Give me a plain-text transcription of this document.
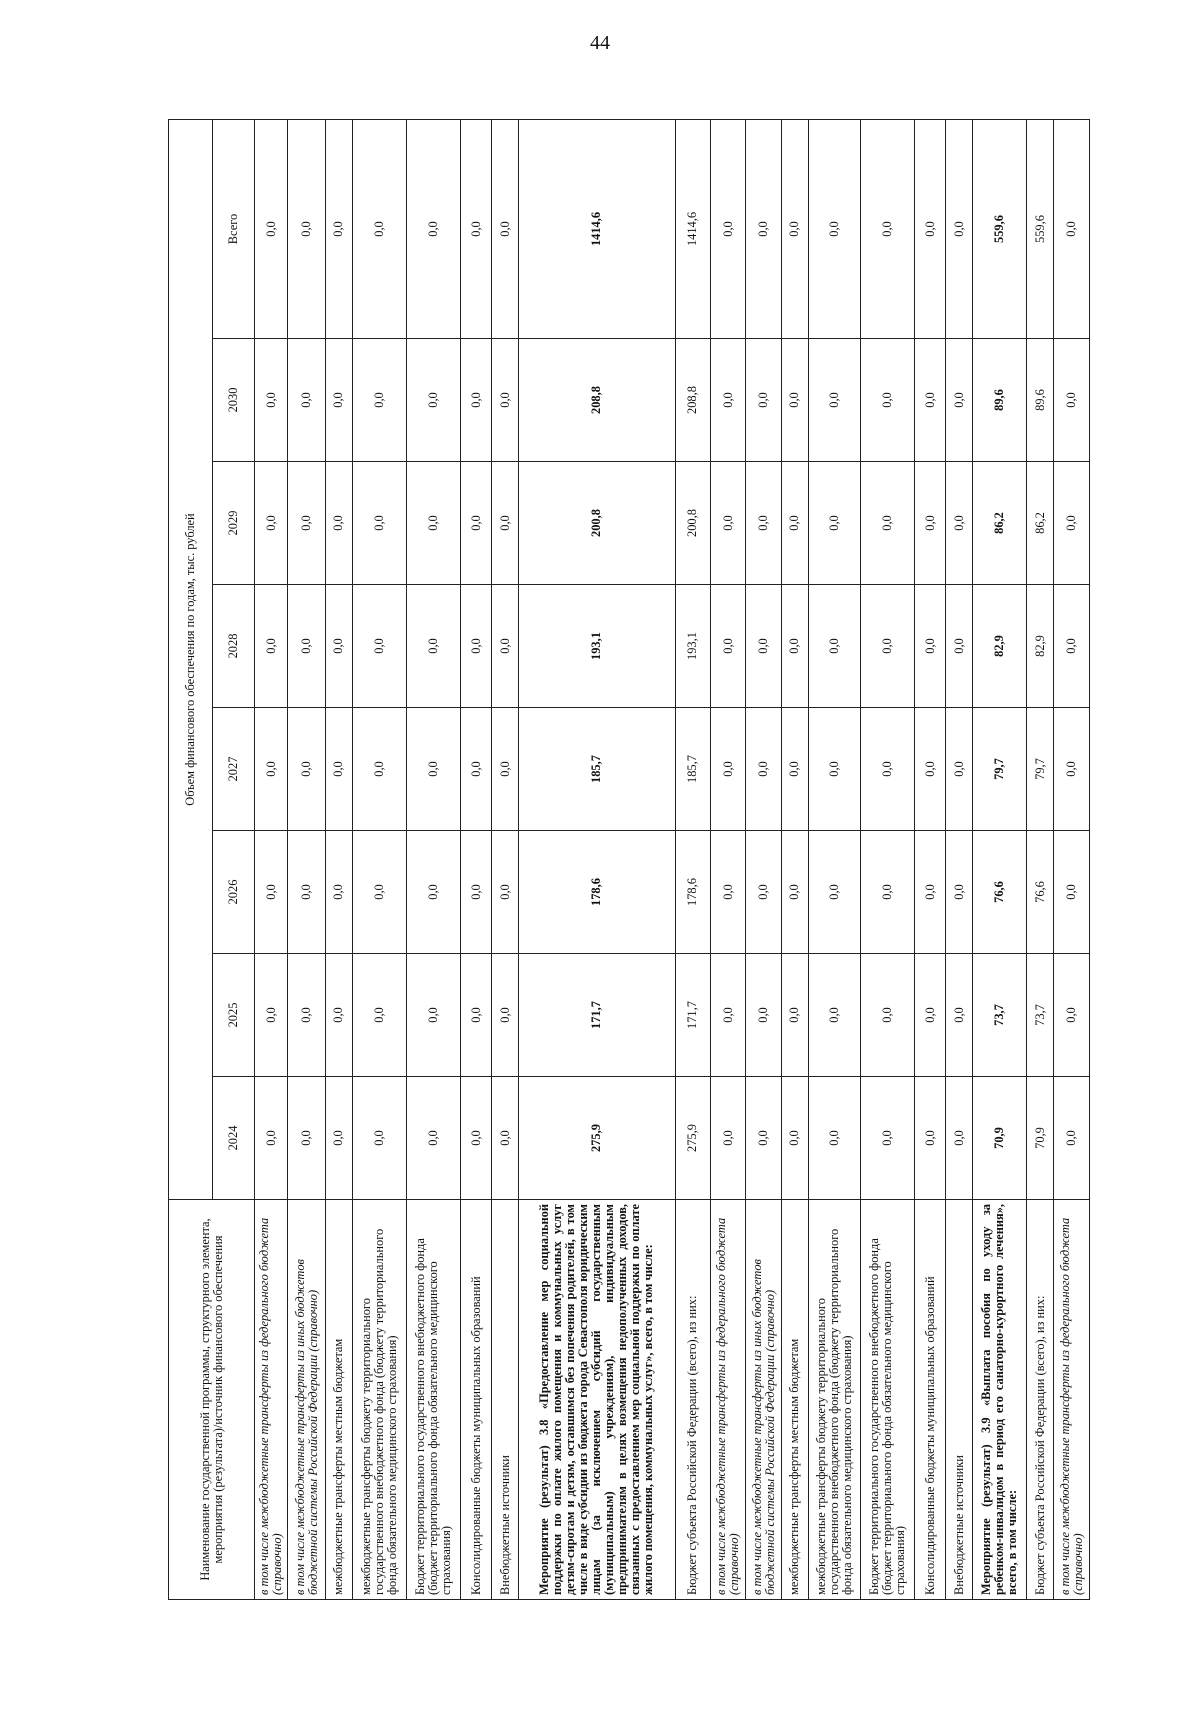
44
Наименование государственной программы, структурного элемента, мероприятия (результата)/источник финансового обеспечения	Объем финансового обеспечения по годам, тыс. рублей							
	2024	2025	2026	2027	2028	2029	2030	Всего
в том числе межбюджетные трансферты из федерального бюджета (справочно)	0,0	0,0	0,0	0,0	0,0	0,0	0,0	0,0
в том числе межбюджетные трансферты из иных бюджетов бюджетной системы Российской Федерации (справочно)	0,0	0,0	0,0	0,0	0,0	0,0	0,0	0,0
межбюджетные трансферты местным бюджетам	0,0	0,0	0,0	0,0	0,0	0,0	0,0	0,0
межбюджетные трансферты бюджету территориального государственного внебюджетного фонда (бюджету территориального фонда обязательного медицинского страхования)	0,0	0,0	0,0	0,0	0,0	0,0	0,0	0,0
Бюджет территориального государственного внебюджетного фонда (бюджет территориального фонда обязательного медицинского страхования)	0,0	0,0	0,0	0,0	0,0	0,0	0,0	0,0
Консолидированные бюджеты муниципальных образований	0,0	0,0	0,0	0,0	0,0	0,0	0,0	0,0
Внебюджетные источники	0,0	0,0	0,0	0,0	0,0	0,0	0,0	0,0
Мероприятие (результат) 3.8 «Предоставление мер социальной поддержки по оплате жилого помещения и коммунальных услуг детям-сиротам и детям, оставшимся без попечения родителей, в том числе в виде субсидии из бюджета города Севастополя юридическим лицам (за исключением субсидий государственным (муниципальным) учреждениям), индивидуальным предпринимателям в целях возмещения недополученных доходов, связанных с предоставлением мер социальной поддержки по оплате жилого помещения, коммунальных услуг», всего, в том числе:	275,9	171,7	178,6	185,7	193,1	200,8	208,8	1414,6
Бюджет субъекта Российской Федерации (всего), из них:	275,9	171,7	178,6	185,7	193,1	200,8	208,8	1414,6
в том числе межбюджетные трансферты из федерального бюджета (справочно)	0,0	0,0	0,0	0,0	0,0	0,0	0,0	0,0
в том числе межбюджетные трансферты из иных бюджетов бюджетной системы Российской Федерации (справочно)	0,0	0,0	0,0	0,0	0,0	0,0	0,0	0,0
межбюджетные трансферты местным бюджетам	0,0	0,0	0,0	0,0	0,0	0,0	0,0	0,0
межбюджетные трансферты бюджету территориального государственного внебюджетного фонда (бюджету территориального фонда обязательного медицинского страхования)	0,0	0,0	0,0	0,0	0,0	0,0	0,0	0,0
Бюджет территориального государственного внебюджетного фонда (бюджет территориального фонда обязательного медицинского страхования)	0,0	0,0	0,0	0,0	0,0	0,0	0,0	0,0
Консолидированные бюджеты муниципальных образований	0,0	0,0	0,0	0,0	0,0	0,0	0,0	0,0
Внебюджетные источники	0,0	0,0	0,0	0,0	0,0	0,0	0,0	0,0
Мероприятие (результат) 3.9 «Выплата пособия по уходу за ребенком-инвалидом в период его санаторно-курортного лечения», всего, в том числе:	70,9	73,7	76,6	79,7	82,9	86,2	89,6	559,6
Бюджет субъекта Российской Федерации (всего), из них:	70,9	73,7	76,6	79,7	82,9	86,2	89,6	559,6
в том числе межбюджетные трансферты из федерального бюджета (справочно)	0,0	0,0	0,0	0,0	0,0	0,0	0,0	0,0
